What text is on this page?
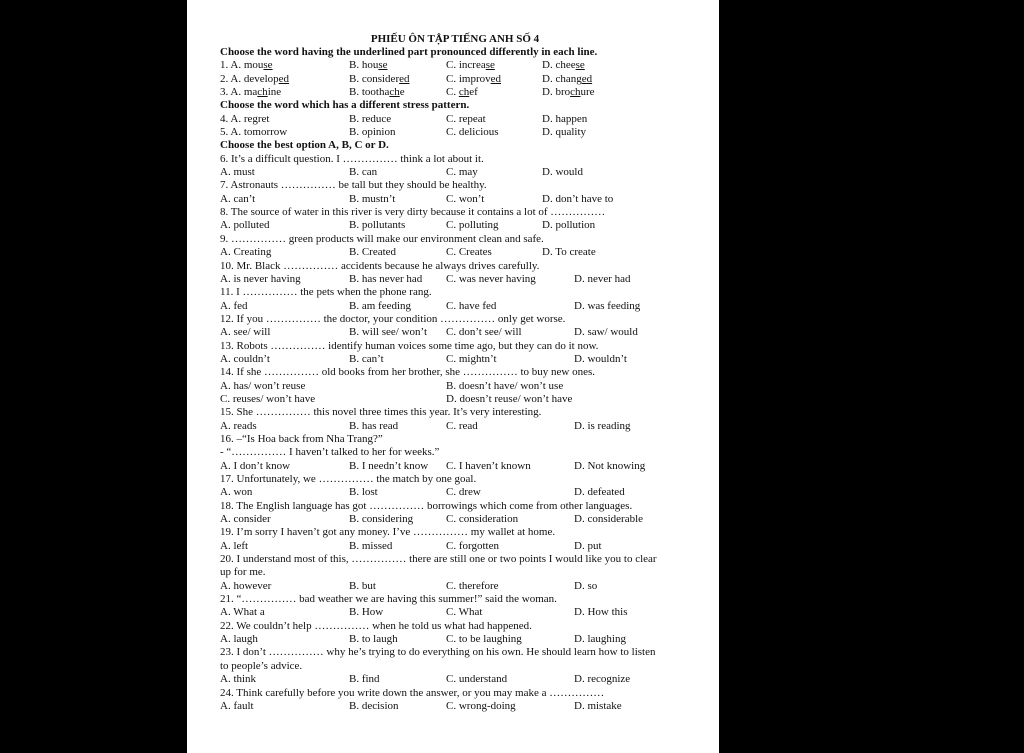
PHIẾU ÔN TẬP TIẾNG ANH SỐ 4
Choose the word having the underlined part pronounced differently in each line.
1. A. mouse	B. house	C. increase	D. cheese
2. A. developed	B. considered	C. improved	D. changed
3. A. machine	B. toothache	C. chef	D. brochure
Choose the word which has a different stress pattern.
4. A. regret	B. reduce	C. repeat	D. happen
5. A. tomorrow	B. opinion	C. delicious	D. quality
Choose the best option A, B, C or D.
6. It’s a difficult question. I …………… think a lot about it.
A. must	B. can	C. may	D. would
7. Astronauts …………… be tall but they should be healthy.
A. can’t	B. mustn’t	C. won’t	D. don’t have to
8. The source of water in this river is very dirty because it contains a lot of ……………
A. polluted	B. pollutants	C. polluting	D. pollution
9. …………… green products will make our environment clean and safe.
A. Creating	B. Created	C. Creates	D. To create
10. Mr. Black …………… accidents because he always drives carefully.
A. is never having	B. has never had C. was never having	D. never had
11. I …………… the pets when the phone rang.
A. fed	B. am feeding	C. have fed	D. was feeding
12. If you …………… the doctor, your condition …………… only get worse.
A. see/ will	B. will see/ won’t C. don’t see/ will	D. saw/ would
13. Robots …………… identify human voices some time ago, but they can do it now.
A. couldn’t	B. can’t	C. mightn’t	D. wouldn’t
14. If she …………… old books from her brother, she …………… to buy new ones.
A. has/ won’t reuse	B. doesn’t have/ won’t use
C. reuses/ won’t have	D. doesn’t reuse/ won’t have
15. She …………… this novel three times this year. It’s very interesting.
A. reads	B. has read	C. read	D. is reading
16. –“Is Hoa back from Nha Trang?”
- “…………… I haven’t talked to her for weeks.”
A. I don’t know	B. I needn’t know C. I haven’t known	D. Not knowing
17. Unfortunately, we …………… the match by one goal.
A. won	B. lost	C. drew	D. defeated
18. The English language has got …………… borrowings which come from other languages.
A. consider	B. considering	C. consideration	D. considerable
19. I’m sorry I haven’t got any money. I’ve …………… my wallet at home.
A. left	B. missed	C. forgotten	D. put
20. I understand most of this, …………… there are still one or two points I would like you to clear
up for me.
A. however	B. but	C. therefore	D. so
21. “…………… bad weather we are having this summer!” said the woman.
A. What a	B. How	C. What	D. How this
22. We couldn’t help …………… when he told us what had happened.
A. laugh	B. to laugh	C. to be laughing	D. laughing
23. I don’t …………… why he’s trying to do everything on his own. He should learn how to listen
to people’s advice.
A. think	B. find	C. understand	D. recognize
24. Think carefully before you write down the answer, or you may make a ……………
A. fault	B. decision	C. wrong-doing	D. mistake
